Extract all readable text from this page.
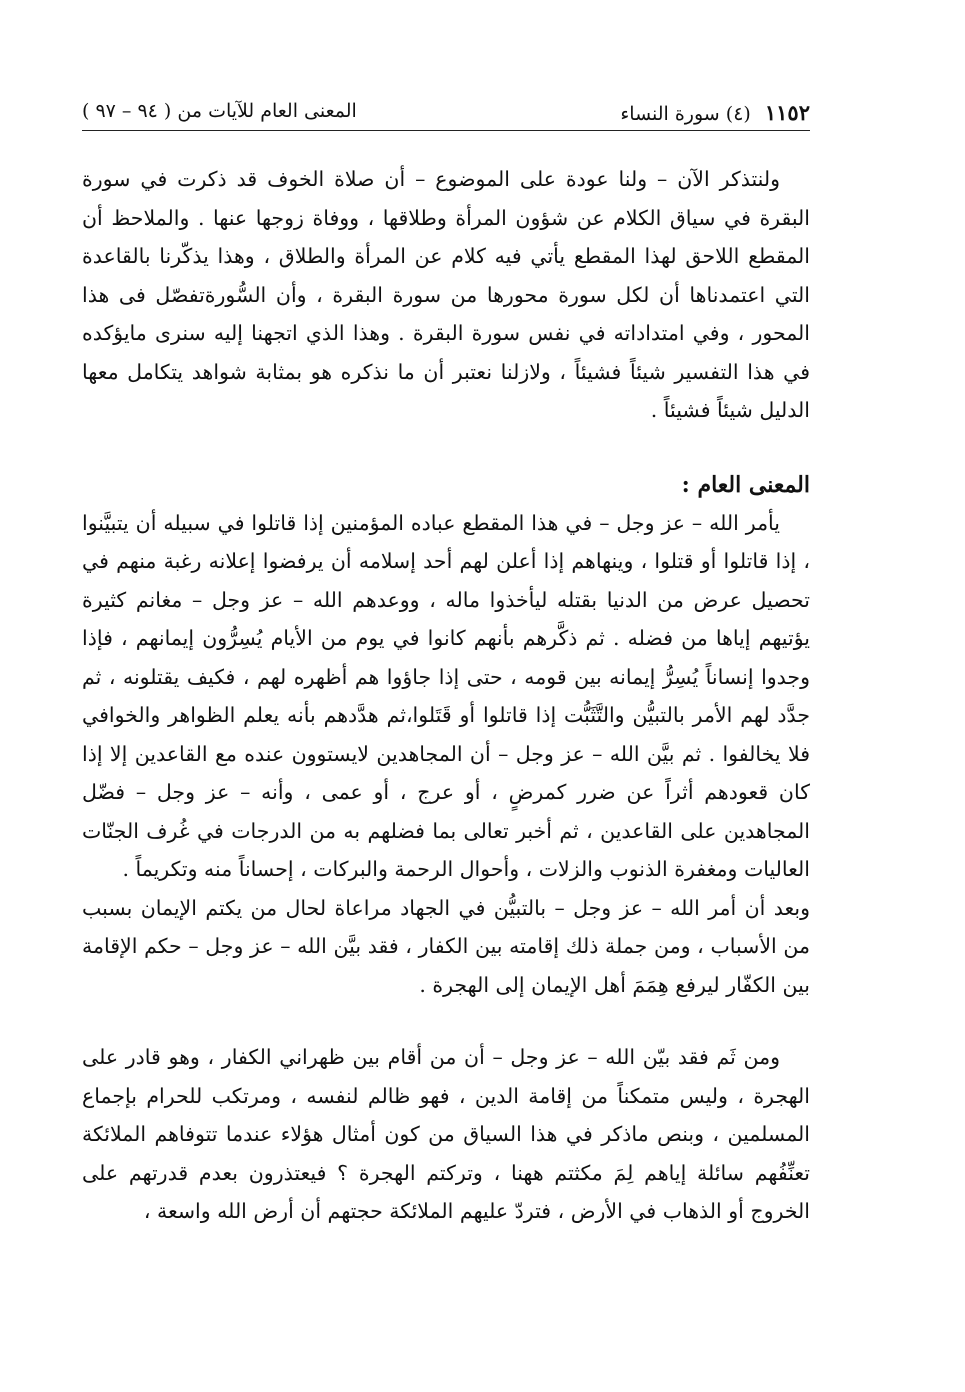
١١٥٢ (٤) سورة النساء
المعنى العام للآيات من ( ٩٤ – ٩٧ )

ولنتذكر الآن – ولنا عودة على الموضوع – أن صلاة الخوف قد ذكرت في سورة البقرة في سياق الكلام عن شؤون المرأة وطلاقها ، ووفاة زوجها عنها . والملاحظ أن المقطع اللاحق لهذا المقطع يأتي فيه كلام عن المرأة والطلاق ، وهذا يذكّرنا بالقاعدة التي اعتمدناها أن لكل سورة محورها من سورة البقرة ، وأن السُّورةتفصّل فى هذا المحور ، وفي امتداداته في نفس سورة البقرة . وهذا الذي اتجهنا إليه سنرى مايؤكده في هذا التفسير شيئاً فشيئاً ، ولازلنا نعتبر أن ما نذكره هو بمثابة شواهد يتكامل معها الدليل شيئاً فشيئاً .

المعنى العام :

يأمر الله – عز وجل – في هذا المقطع عباده المؤمنين إذا قاتلوا في سبيله أن يتبيَّنوا ، إذا قاتلوا أو قتلوا ، وينهاهم إذا أعلن لهم أحد إسلامه أن يرفضوا إعلانه رغبة منهم في تحصيل عرض من الدنيا بقتله ليأخذوا ماله ، ووعدهم الله – عز وجل – مغانم كثيرة يؤتيهم إياها من فضله . ثم ذكَّرهم بأنهم كانوا في يوم من الأيام يُسِرُّون إيمانهم ، فإذا وجدوا إنساناً يُسِرُّ إيمانه بين قومه ، حتى إذا جاؤوا هم أظهره لهم ، فكيف يقتلونه ، ثم جدَّد لهم الأمر بالتبيُّن والتَّثَبُّت إذا قاتلوا أو قَتَلوا،ثم هدَّدهم بأنه يعلم الظواهر والخوافي فلا يخالفوا . ثم بيَّن الله – عز وجل – أن المجاهدين لايستوون عنده مع القاعدين إلا إذا كان قعودهم أثراً عن ضرر كمرضٍ ، أو عرج ، أو عمى ، وأنه – عز وجل – فضّل المجاهدين على القاعدين ، ثم أخبر تعالى بما فضلهم به من الدرجات في غُرف الجنّات العاليات ومغفرة الذنوب والزلات ، وأحوال الرحمة والبركات ، إحساناً منه وتكريماً .

وبعد أن أمر الله – عز وجل – بالتبيُّن في الجهاد مراعاة لحال من يكتم الإيمان بسبب من الأسباب ، ومن جملة ذلك إقامته بين الكفار ، فقد بيَّن الله – عز وجل – حكم الإقامة بين الكفّار ليرفع هِمَمَ أهل الإيمان إلى الهجرة .

ومن ثَم فقد بيّن الله – عز وجل – أن من أقام بين ظهراني الكفار ، وهو قادر على الهجرة ، وليس متمكناً من إقامة الدين ، فهو ظالم لنفسه ، ومرتكب للحرام بإجماع المسلمين ، وبنص ماذكر في هذا السياق من كون أمثال هؤلاء عندما تتوفاهم الملائكة تعنِّفُهم سائلة إياهم لِمَ مكثتم ههنا ، وتركتم الهجرة ؟ فيعتذرون بعدم قدرتهم على الخروج أو الذهاب في الأرض ، فتردّ عليهم الملائكة حجتهم أن أرض الله واسعة ،
